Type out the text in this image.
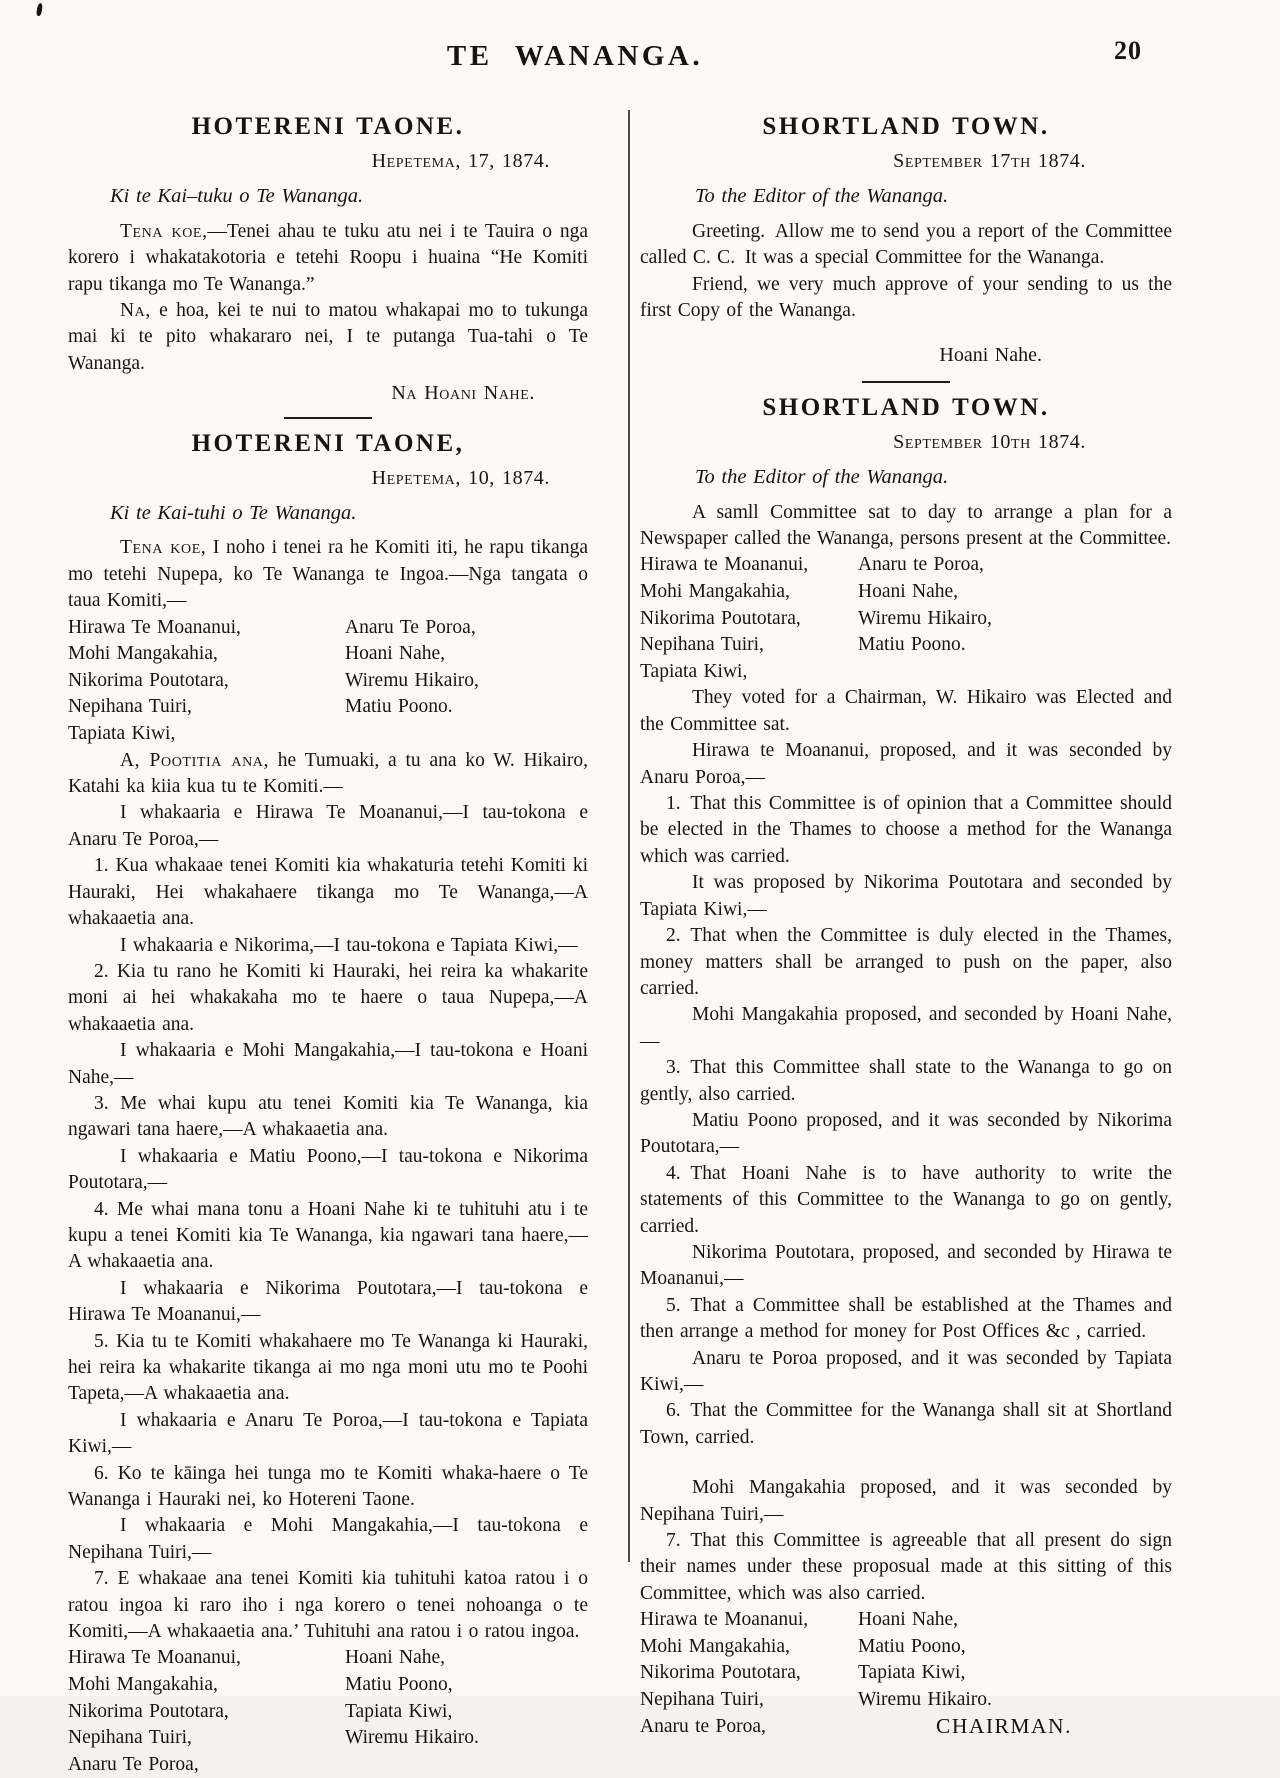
TE WANANGA.	20
HOTERENI TAONE.
Hepetema, 17, 1874.
Ki te Kai–tuku o Te Wananga.

Tena koe,—Tenei ahau te tuku atu nei i te Tauira o nga korero i whakatakotoria e tetehi Roopu i huaina “He Komiti rapu tikanga mo Te Wananga.”

Na, e hoa, kei te nui to matou whakapai mo to tukunga mai ki te pito whakararo nei, I te putanga Tua-tahi o Te Wananga.

Na Hoani Nahe.
HOTERENI TAONE,
Hepetema, 10, 1874.
Ki te Kai-tuhi o Te Wananga.

Tena koe, I noho i tenei ra he Komiti iti, he rapu tikanga mo tetehi Nupepa, ko Te Wananga te Ingoa.—Nga tangata o taua Komiti,—

Hirawa Te Moananui,
Mohi Mangakahia,
Nikorima Poutotara,
Nepihana Tuiri,
Tapiata Kiwi,
Anaru Te Poroa,
Hoani Nahe,
Wiremu Hikairo,
Matiu Poono.

A, Pootitia ana, he Tumuaki, a tu ana ko W. Hikairo, Katahi ka kiia kua tu te Komiti.—

I whakaaria e Hirawa Te Moananui,—I tau-tokona e Anaru Te Poroa,—

1. Kua whakaae tenei Komiti kia whakaturia tetehi Komiti ki Hauraki, Hei whakahaere tikanga mo Te Wananga,—A whakaaetia ana.

I whakaaria e Nikorima,—I tau-tokona e Tapiata Kiwi,—

2. Kia tu rano he Komiti ki Hauraki, hei reira ka whakarite moni ai hei whakakaha mo te haere o taua Nupepa,—A whakaaetia ana.

I whakaaria e Mohi Mangakahia,—I tau-tokona e Hoani Nahe,—

3. Me whai kupu atu tenei Komiti kia Te Wananga, kia ngawari tana haere,—A whakaaetia ana.

I whakaaria e Matiu Poono,—I tau-tokona e Nikorima Poutotara,—

4. Me whai mana tonu a Hoani Nahe ki te tuhituhi atu i te kupu a tenei Komiti kia Te Wananga, kia ngawari tana haere,—A whakaaetia ana.

I whakaaria e Nikorima Poutotara,—I tau-tokona e Hirawa Te Moananui,—

5. Kia tu te Komiti whakahaere mo Te Wananga ki Hauraki, hei reira ka whakarite tikanga ai mo nga moni utu mo te Poohi Tapeta,—A whakaaetia ana.

I whakaaria e Anaru Te Poroa,—I tau-tokona e Tapiata Kiwi,—

6. Ko te kāinga hei tunga mo te Komiti whaka-haere o Te Wananga i Hauraki nei, ko Hotereni Taone.

I whakaaria e Mohi Mangakahia,—I tau-tokona e Nepihana Tuiri,—

7. E whakaae ana tenei Komiti kia tuhituhi katoa ratou i o ratou ingoa ki raro iho i nga korero o tenei nohoanga o te Komiti,—A whakaaetia ana.’ Tuhituhi ana ratou i o ratou ingoa.

Hirawa Te Moananui,
Mohi Mangakahia,
Nikorima Poutotara,
Nepihana Tuiri,
Anaru Te Poroa,
Hoani Nahe,
Matiu Poono,
Tapiata Kiwi,
Wiremu Hikairo.
SHORTLAND TOWN.
September 17th 1874.
To the Editor of the Wananga.

Greeting. Allow me to send you a report of the Committee called C. C. It was a special Committee for the Wananga.

Friend, we very much approve of your sending to us the first Copy of the Wananga.

Hoani Nahe.
SHORTLAND TOWN.
September 10th 1874.
To the Editor of the Wananga.

A samll Committee sat to day to arrange a plan for a Newspaper called the Wananga, persons present at the Committee.

Hirawa te Moananui,
Mohi Mangakahia,
Nikorima Poutotara,
Nepihana Tuiri,
Tapiata Kiwi,
Anaru te Poroa,
Hoani Nahe,
Wiremu Hikairo,
Matiu Poono.

They voted for a Chairman, W. Hikairo was Elected and the Committee sat.

Hirawa te Moananui, proposed, and it was seconded by Anaru Poroa,—

1. That this Committee is of opinion that a Committee should be elected in the Thames to choose a method for the Wananga which was carried.

It was proposed by Nikorima Poutotara and seconded by Tapiata Kiwi,—

2. That when the Committee is duly elected in the Thames, money matters shall be arranged to push on the paper, also carried.

Mohi Mangakahia proposed, and seconded by Hoani Nahe,—

3. That this Committee shall state to the Wananga to go on gently, also carried.

Matiu Poono proposed, and it was seconded by Nikorima Poutotara,—

4. That Hoani Nahe is to have authority to write the statements of this Committee to the Wananga to go on gently, carried.

Nikorima Poutotara, proposed, and seconded by Hirawa te Moananui,—

5. That a Committee shall be established at the Thames and then arrange a method for money for Post Offices &c , carried.

Anaru te Poroa proposed, and it was seconded by Tapiata Kiwi,—

6. That the Committee for the Wananga shall sit at Shortland Town, carried.

Mohi Mangakahia proposed, and it was seconded by Nepihana Tuiri,—

7. That this Committee is agreeable that all present do sign their names under these proposual made at this sitting of this Committee, which was also carried.

Hirawa te Moananui,
Mohi Mangakahia,
Nikorima Poutotara,
Nepihana Tuiri,
Anaru te Poroa,
Hoani Nahe,
Matiu Poono,
Tapiata Kiwi,
Wiremu Hikairo.
CHAIRMAN.
